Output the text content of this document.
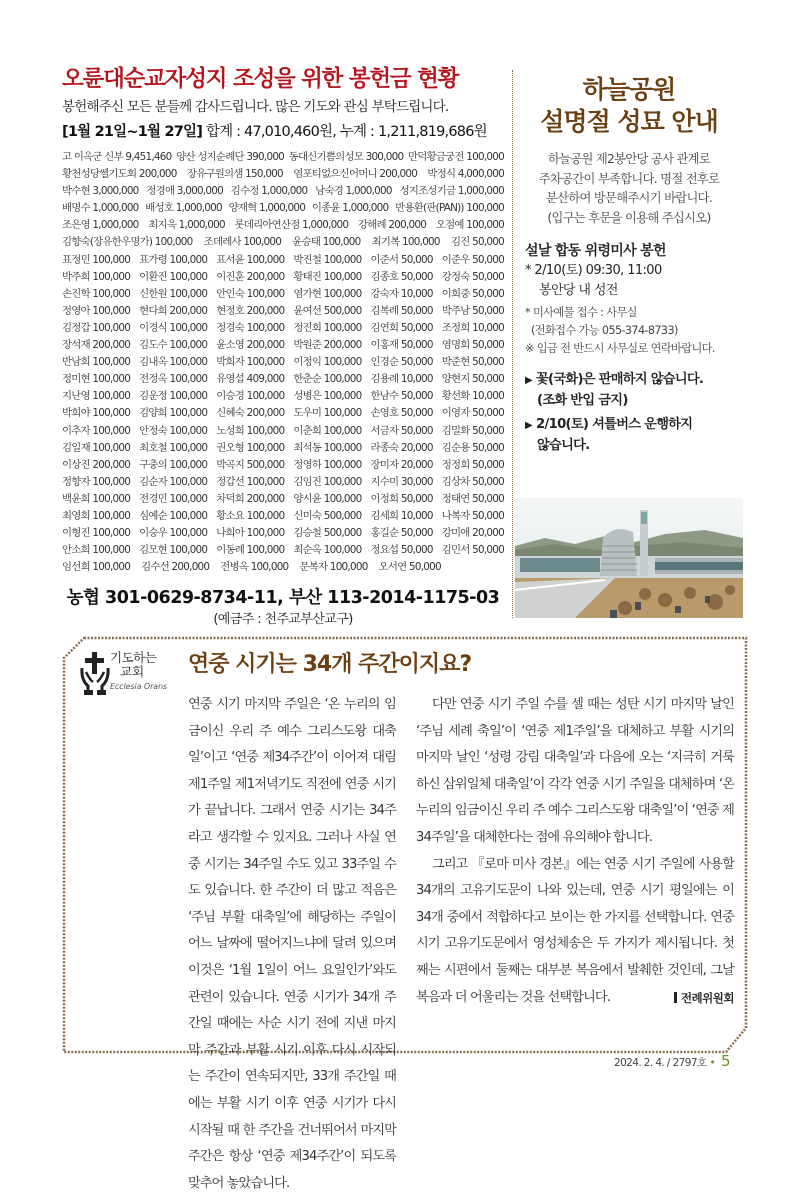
오륜대순교자성지 조성을 위한 봉헌금 현황
봉헌해주신 모든 분들께 감사드립니다. 많은 기도와 관심 부탁드립니다.
[1월 21일~1월 27일] 합계 : 47,010,460원, 누계 : 1,211,819,686원
고 이옥군 신부 9,451,460 양산 성지순례단 390,000 동대신기쁨의성모 300,000 만덕황금궁전 100,000
황천성당쎌기도회 200,000 장유구원의샘 150,000 염포티없으신어머니 200,000 박정식 4,000,000
박수현 3,000,000 정경애 3,000,000 김수정 1,000,000 남숙경 1,000,000 성지조성기금 1,000,000
배명수 1,000,000 배성호 1,000,000 양재혁 1,000,000 이종윤 1,000,000 반용환(판(PAN)) 100,000
조은영 1,000,000 최지욱 1,000,000 롯데리아연산점 1,000,000 강해례 200,000 오점예 100,000
김향숙(장유한우명가) 100,000 조데레사 100,000 윤승태 100,000 최기복 100,000 김진 50,000
표정민 100,000 표가령 100,000 표서윤 100,000 박진철 100,000 이준서 50,000 이준우 50,000
박주희 100,000 이환진 100,000 이진훈 200,000 황태진 100,000 김종호 50,000 강정숙 50,000
손진학 100,000 신한원 100,000 안인숙 100,000 염가현 100,000 강숙자 10,000 이희중 50,000
정영아 100,000 현다희 200,000 현정호 200,000 윤여선 500,000 김복례 50,000 박주남 50,000
김정갑 100,000 이경식 100,000 정경숙 100,000 정진희 100,000 김연희 50,000 조정희 10,000
장석재 200,000 김도수 100,000 윤소영 200,000 박원준 200,000 이홍재 50,000 염명희 50,000
반남희 100,000 김내옥 100,000 박희자 100,000 이정익 100,000 인경순 50,000 박준현 50,000
정미현 100,000 전정옥 100,000 유영섭 409,000 한춘순 100,000 김용례 10,000 양현지 50,000
지난영 100,000 김운정 100,000 이승경 100,000 성병은 100,000 한남수 50,000 황선화 10,000
박희야 100,000 김양희 100,000 신혜숙 200,000 도우미 100,000 손영호 50,000 이영자 50,000
이추자 100,000 안정숙 100,000 노성희 100,000 이춘희 100,000 서금자 50,000 김밀화 50,000
김일재 100,000 최호철 100,000 권오형 100,000 최석동 100,000 라종숙 20,000 김순용 50,000
이상진 200,000 구충의 100,000 박곡지 500,000 정영하 100,000 장미자 20,000 정정희 50,000
정향자 100,000 김순자 100,000 정갑선 100,000 김임진 100,000 지수미 30,000 김상차 50,000
백윤희 100,000 전경민 100,000 차덕희 200,000 양시윤 100,000 이정희 50,000 정태연 50,000
최영희 100,000 심예순 100,000 황소요 100,000 신미숙 500,000 김세희 10,000 나복자 50,000
이형진 100,000 이승우 100,000 나희아 100,000 김승철 500,000 홍길순 50,000 강미애 20,000
안소희 100,000 김모현 100,000 이동례 100,000 최순옥 100,000 정요섭 50,000 김민서 50,000
임선희 100,000 김수선 200,000 전병옥 100,000 문복자 100,000 오서연 50,000
농협 301-0629-8734-11, 부산 113-2014-1175-03
(예금주 : 천주교부산교구)
하늘공원
설명절 성묘 안내
하늘공원 제2봉안당 공사 관계로
주차공간이 부족합니다. 명절 전후로
분산하여 방문해주시기 바랍니다.
(입구는 후문을 이용해 주십시오)
설날 합동 위령미사 봉헌
* 2/10(토) 09:30, 11:00
봉안당 내 성전
* 미사예물 접수 : 사무실
(전화접수 가능 055-374-8733)
※ 입금 전 반드시 사무실로 연락바랍니다.
▶ 꽃(국화)은 판매하지 않습니다.
(조화 반입 금지)
▶ 2/10(토) 셔틀버스 운행하지
않습니다.
기도하는
교회
Ecclesia Orans
연중 시기는 34개 주간이지요?

연중 시기 마지막 주일은 ‘온 누리의 임금이신 우리 주 예수 그리스도왕 대축일’이고 ‘연중 제34주간’이 이어져 대림 제1주일 제1저녁기도 직전에 연중 시기가 끝납니다. 그래서 연중 시기는 34주라고 생각할 수 있지요. 그러나 사실 연중 시기는 34주일 수도 있고 33주일 수도 있습니다. 한 주간이 더 많고 적음은 ‘주님 부활 대축일’에 해당하는 주일이 어느 날짜에 떨어지느냐에 달려 있으며 이것은 ‘1월 1일이 어느 요일인가’와도 관련이 있습니다. 연중 시기가 34개 주간일 때에는 사순 시기 전에 지낸 마지막 주간과 부활 시기 이후 다시 시작되는 주간이 연속되지만, 33개 주간일 때에는 부활 시기 이후 연중 시기가 다시 시작될 때 한 주간을 건너뛰어서 마지막 주간은 항상 ‘연중 제34주간’이 되도록 맞추어 놓았습니다.

다만 연중 시기 주일 수를 셀 때는 성탄 시기 마지막 날인 ‘주님 세례 축일’이 ‘연중 제1주일’을 대체하고 부활 시기의 마지막 날인 ‘성령 강림 대축일’과 다음에 오는 ‘지극히 거룩하신 삼위일체 대축일’이 각각 연중 시기 주일을 대체하며 ‘온 누리의 임금이신 우리 주 예수 그리스도왕 대축일’이 ‘연중 제34주일’을 대체한다는 점에 유의해야 합니다.

그리고 『로마 미사 경본』에는 연중 시기 주일에 사용할 34개의 고유기도문이 나와 있는데, 연중 시기 평일에는 이 34개 중에서 적합하다고 보이는 한 가지를 선택합니다. 연중 시기 고유기도문에서 영성체송은 두 가지가 제시됩니다. 첫째는 시편에서 둘째는 대부분 복음에서 발췌한 것인데, 그날 복음과 더 어울리는 것을 선택합니다.	전례위원회

2024. 2. 4. / 2797호 • 5
